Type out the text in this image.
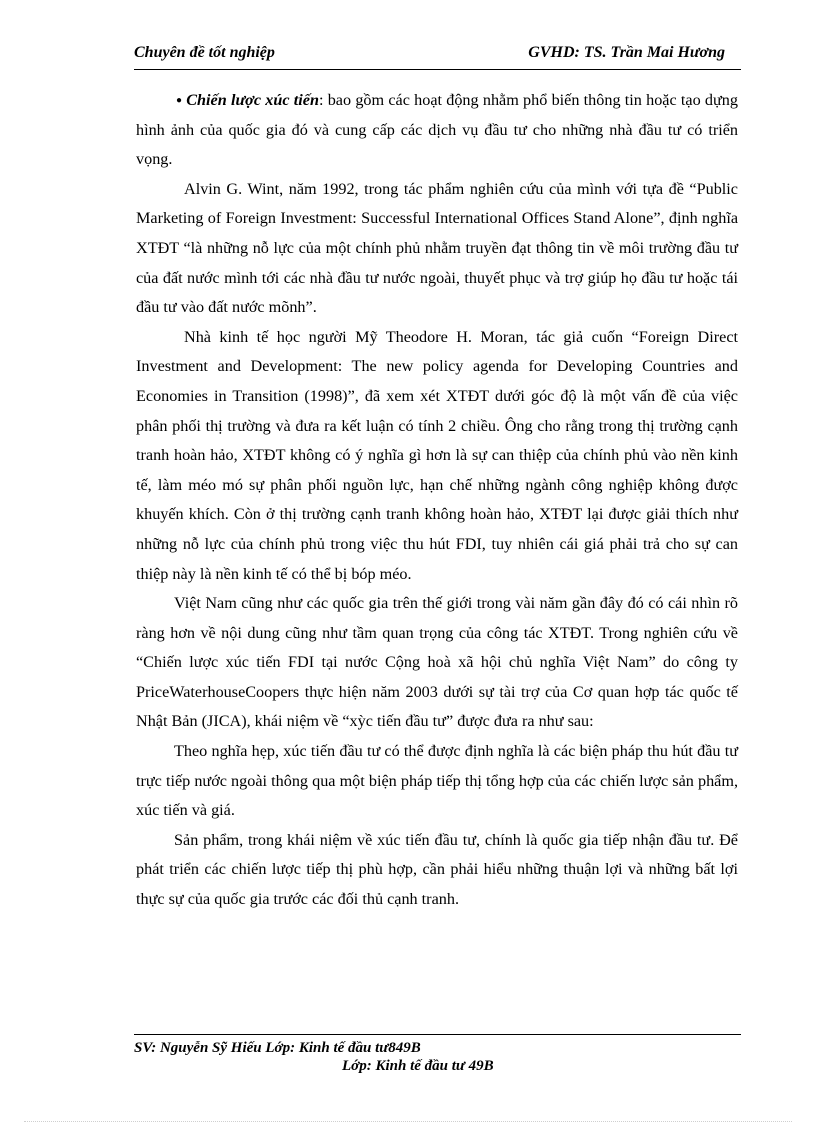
Chuyên đề tốt nghiệp	GVHD: TS. Trần Mai Hương

● Chiến lược xúc tiến: bao gồm các hoạt động nhằm phổ biến thông tin hoặc tạo dựng hình ảnh của quốc gia đó và cung cấp các dịch vụ đầu tư cho những nhà đầu tư có triển vọng.

Alvin G. Wint, năm 1992, trong tác phẩm nghiên cứu của mình với tựa đề “Public Marketing of Foreign Investment: Successful International Offices Stand Alone”, định nghĩa XTĐT “là những nỗ lực của một chính phủ nhằm truyền đạt thông tin về môi trường đầu tư của đất nước mình tới các nhà đầu tư nước ngoài, thuyết phục và trợ giúp họ đầu tư hoặc tái đầu tư vào đất nước mõnh”.

Nhà kinh tế học người Mỹ Theodore H. Moran, tác giả cuốn “Foreign Direct Investment and Development: The new policy agenda for Developing Countries and Economies in Transition (1998)”, đã xem xét XTĐT dưới góc độ là một vấn đề của việc phân phối thị trường và đưa ra kết luận có tính 2 chiều. Ông cho rằng trong thị trường cạnh tranh hoàn hảo, XTĐT không có ý nghĩa gì hơn là sự can thiệp của chính phủ vào nền kinh tế, làm méo mó sự phân phối nguồn lực, hạn chế những ngành công nghiệp không được khuyến khích. Còn ở thị trường cạnh tranh không hoàn hảo, XTĐT lại được giải thích như những nỗ lực của chính phủ trong việc thu hút FDI, tuy nhiên cái giá phải trả cho sự can thiệp này là nền kinh tế có thể bị bóp méo.

Việt Nam cũng như các quốc gia trên thế giới trong vài năm gần đây đó có cái nhìn rõ ràng hơn về nội dung cũng như tầm quan trọng của công tác XTĐT. Trong nghiên cứu về “Chiến lược xúc tiến FDI tại nước Cộng hoà xã hội chủ nghĩa Việt Nam” do công ty PriceWaterhouseCoopers thực hiện năm 2003 dưới sự tài trợ của Cơ quan hợp tác quốc tế Nhật Bản (JICA), khái niệm về “xỳc tiến đầu tư” được đưa ra như sau:

Theo nghĩa hẹp, xúc tiến đầu tư có thể được định nghĩa là các biện pháp thu hút đầu tư trực tiếp nước ngoài thông qua một biện pháp tiếp thị tổng hợp của các chiến lược sản phẩm, xúc tiến và giá.

Sản phẩm, trong khái niệm về xúc tiến đầu tư, chính là quốc gia tiếp nhận đầu tư. Để phát triển các chiến lược tiếp thị phù hợp, cần phải hiểu những thuận lợi và những bất lợi thực sự của quốc gia trước các đối thủ cạnh tranh.

SV: Nguyễn Sỹ Hiếu Lớp: Kinh tế đầu tư849B
Lớp: Kinh tế đầu tư 49B
